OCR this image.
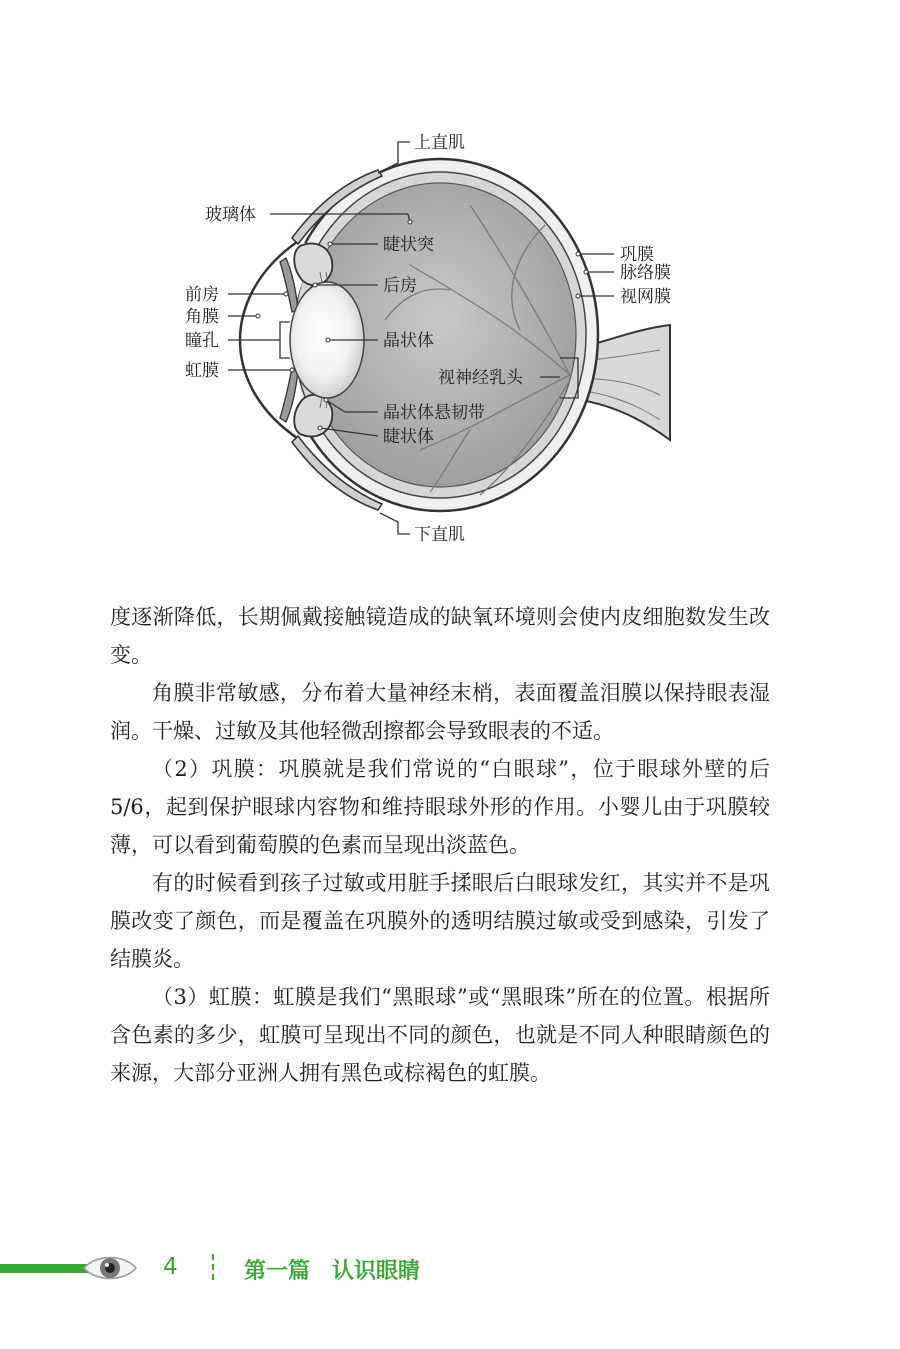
上直肌
玻璃体
睫状突
后房
前房
角膜
瞳孔	晶状体
虹膜	视神经乳头
晶状体悬韧带
睫状体
下直肌
巩膜
脉络膜
视网膜

度逐渐降低，长期佩戴接触镜造成的缺氧环境则会使内皮细胞数发生改变。

角膜非常敏感，分布着大量神经末梢，表面覆盖泪膜以保持眼表湿润。干燥、过敏及其他轻微刮擦都会导致眼表的不适。

（2）巩膜：巩膜就是我们常说的“白眼球”，位于眼球外壁的后 5/6，起到保护眼球内容物和维持眼球外形的作用。小婴儿由于巩膜较薄，可以看到葡萄膜的色素而呈现出淡蓝色。

有的时候看到孩子过敏或用脏手揉眼后白眼球发红，其实并不是巩膜改变了颜色，而是覆盖在巩膜外的透明结膜过敏或受到感染，引发了结膜炎。

（3）虹膜：虹膜是我们“黑眼球”或“黑眼珠”所在的位置。根据所含色素的多少，虹膜可呈现出不同的颜色，也就是不同人种眼睛颜色的来源，大部分亚洲人拥有黑色或棕褐色的虹膜。

4	第一篇　认识眼睛
